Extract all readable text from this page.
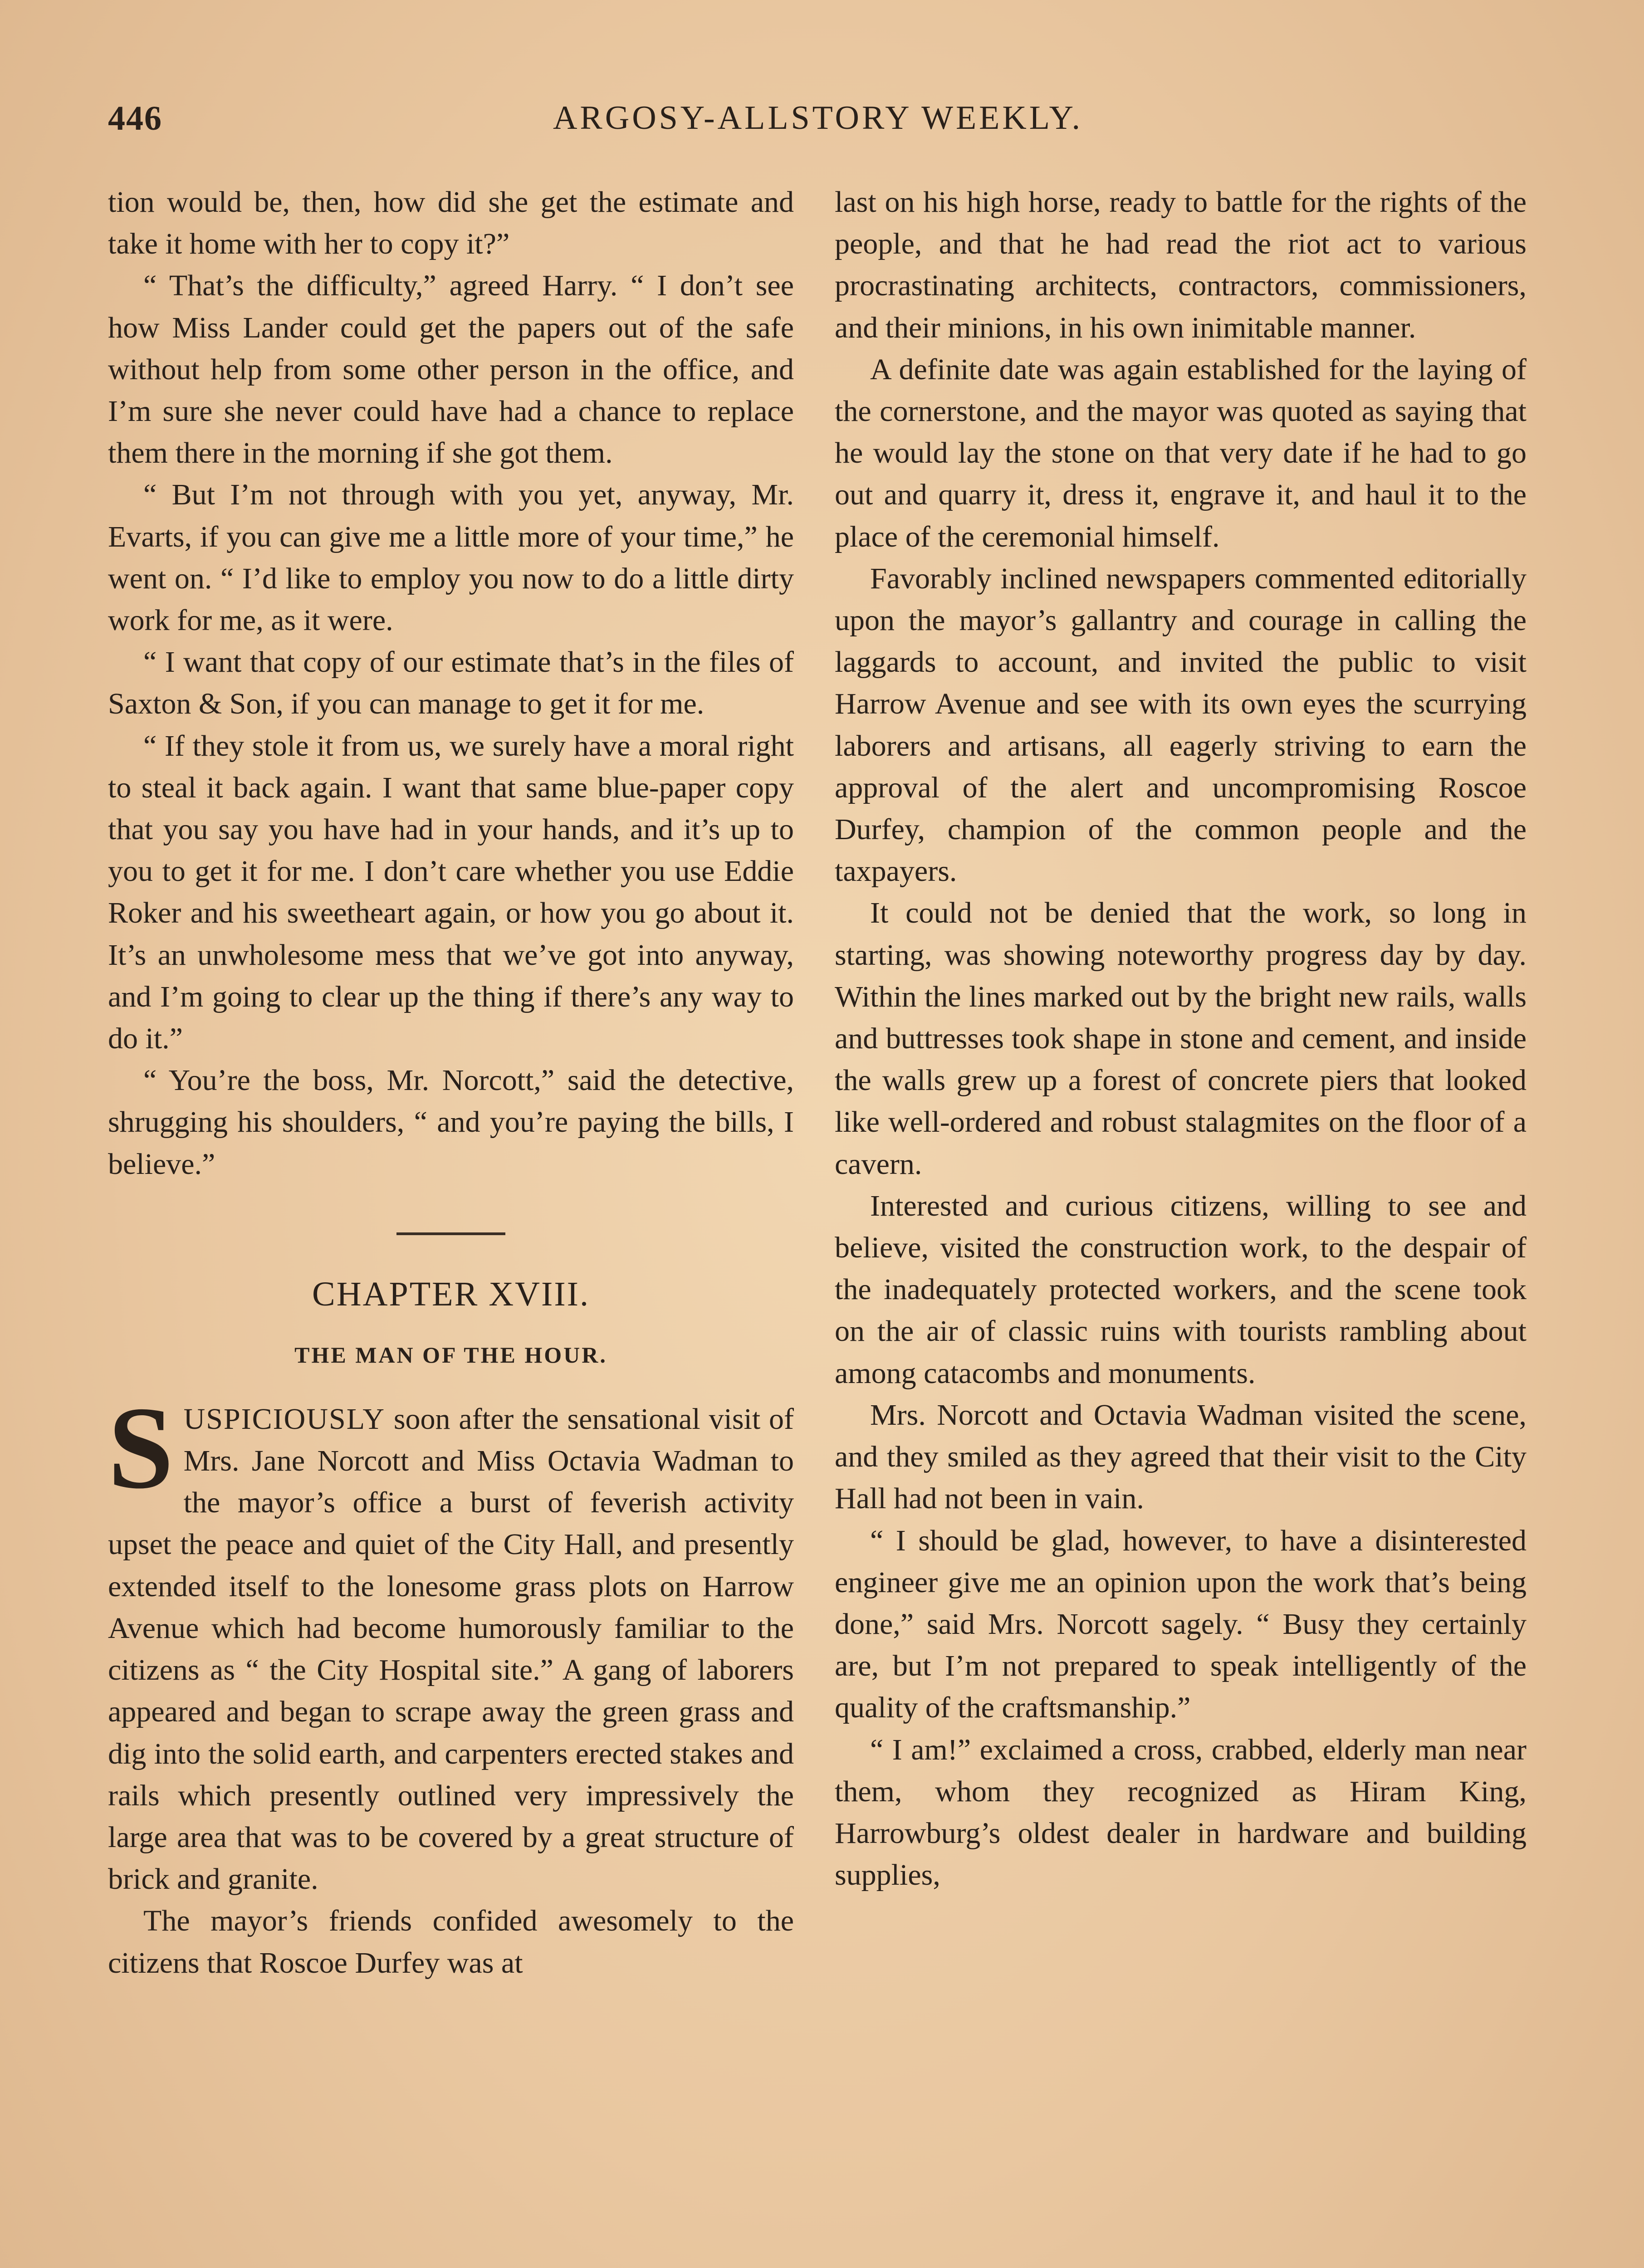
446	ARGOSY-ALLSTORY WEEKLY.

tion would be, then, how did she get the estimate and take it home with her to copy it?”

“ That’s the difficulty,” agreed Harry. “ I don’t see how Miss Lander could get the papers out of the safe without help from some other person in the office, and I’m sure she never could have had a chance to replace them there in the morning if she got them.

“ But I’m not through with you yet, anyway, Mr. Evarts, if you can give me a little more of your time,” he went on. “ I’d like to employ you now to do a little dirty work for me, as it were.

“ I want that copy of our estimate that’s in the files of Saxton & Son, if you can manage to get it for me.

“ If they stole it from us, we surely have a moral right to steal it back again. I want that same blue-paper copy that you say you have had in your hands, and it’s up to you to get it for me. I don’t care whether you use Eddie Roker and his sweetheart again, or how you go about it. It’s an unwholesome mess that we’ve got into anyway, and I’m going to clear up the thing if there’s any way to do it.”

“ You’re the boss, Mr. Norcott,” said the detective, shrugging his shoulders, “ and you’re paying the bills, I believe.”

CHAPTER XVIII.
THE MAN OF THE HOUR.

SUSPICIOUSLY soon after the sensational visit of Mrs. Jane Norcott and Miss Octavia Wadman to the mayor’s office a burst of feverish activity upset the peace and quiet of the City Hall, and presently extended itself to the lonesome grass plots on Harrow Avenue which had become humorously familiar to the citizens as “ the City Hospital site.” A gang of laborers appeared and began to scrape away the green grass and dig into the solid earth, and carpenters erected stakes and rails which presently outlined very impressively the large area that was to be covered by a great structure of brick and granite.

The mayor’s friends confided awesomely to the citizens that Roscoe Durfey was at

last on his high horse, ready to battle for the rights of the people, and that he had read the riot act to various procrastinating architects, contractors, commissioners, and their minions, in his own inimitable manner.

A definite date was again established for the laying of the cornerstone, and the mayor was quoted as saying that he would lay the stone on that very date if he had to go out and quarry it, dress it, engrave it, and haul it to the place of the ceremonial himself.

Favorably inclined newspapers commented editorially upon the mayor’s gallantry and courage in calling the laggards to account, and invited the public to visit Harrow Avenue and see with its own eyes the scurrying laborers and artisans, all eagerly striving to earn the approval of the alert and uncompromising Roscoe Durfey, champion of the common people and the taxpayers.

It could not be denied that the work, so long in starting, was showing noteworthy progress day by day. Within the lines marked out by the bright new rails, walls and buttresses took shape in stone and cement, and inside the walls grew up a forest of concrete piers that looked like well-ordered and robust stalagmites on the floor of a cavern.

Interested and curious citizens, willing to see and believe, visited the construction work, to the despair of the inadequately protected workers, and the scene took on the air of classic ruins with tourists rambling about among catacombs and monuments.

Mrs. Norcott and Octavia Wadman visited the scene, and they smiled as they agreed that their visit to the City Hall had not been in vain.

“ I should be glad, however, to have a disinterested engineer give me an opinion upon the work that’s being done,” said Mrs. Norcott sagely. “ Busy they certainly are, but I’m not prepared to speak intelligently of the quality of the craftsmanship.”

“ I am!” exclaimed a cross, crabbed, elderly man near them, whom they recognized as Hiram King, Harrowburg’s oldest dealer in hardware and building supplies,
